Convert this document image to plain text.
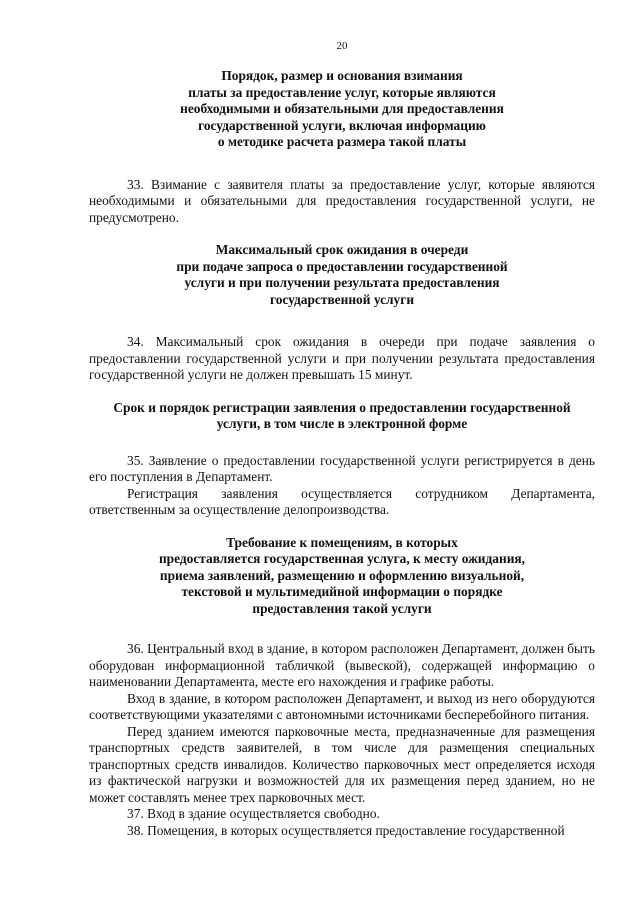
20
Порядок, размер и основания взимания
платы за предоставление услуг, которые являются
необходимыми и обязательными для предоставления
государственной услуги, включая информацию
о методике расчета размера такой платы

33. Взимание с заявителя платы за предоставление услуг, которые являются необходимыми и обязательными для предоставления государственной услуги, не предусмотрено.

Максимальный срок ожидания в очереди
при подаче запроса о предоставлении государственной
услуги и при получении результата предоставления
государственной услуги

34. Максимальный срок ожидания в очереди при подаче заявления о предоставлении государственной услуги и при получении результата предоставления государственной услуги не должен превышать 15 минут.

Срок и порядок регистрации заявления о предоставлении государственной
услуги, в том числе в электронной форме

35. Заявление о предоставлении государственной услуги регистрируется в день его поступления в Департамент.

Регистрация заявления осуществляется сотрудником Департамента, ответственным за осуществление делопроизводства.

Требование к помещениям, в которых
предоставляется государственная услуга, к месту ожидания,
приема заявлений, размещению и оформлению визуальной,
текстовой и мультимедийной информации о порядке
предоставления такой услуги

36. Центральный вход в здание, в котором расположен Департамент, должен быть оборудован информационной табличкой (вывеской), содержащей информацию о наименовании Департамента, месте его нахождения и графике работы.

Вход в здание, в котором расположен Департамент, и выход из него оборудуются соответствующими указателями с автономными источниками бесперебойного питания.

Перед зданием имеются парковочные места, предназначенные для размещения транспортных средств заявителей, в том числе для размещения специальных транспортных средств инвалидов. Количество парковочных мест определяется исходя из фактической нагрузки и возможностей для их размещения перед зданием, но не может составлять менее трех парковочных мест.

37. Вход в здание осуществляется свободно.

38. Помещения, в которых осуществляется предоставление государственной
